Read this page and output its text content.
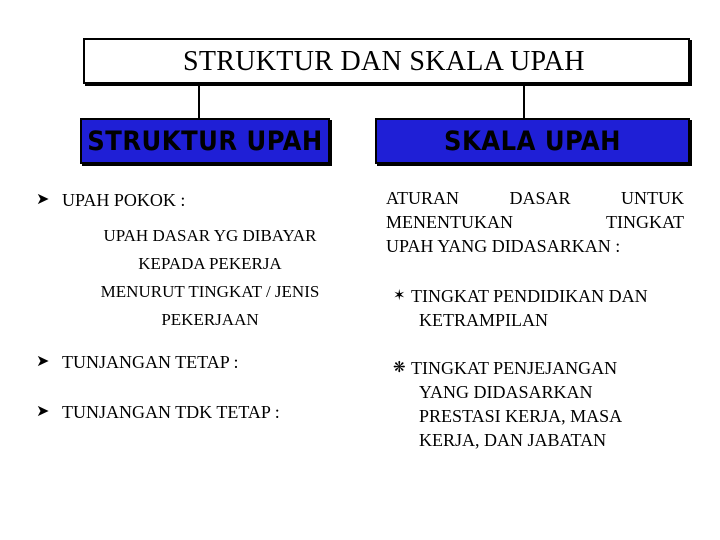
STRUKTUR DAN SKALA UPAH
STRUKTUR UPAH	SKALA UPAH
➤ UPAH POKOK :
UPAH DASAR YG DIBAYAR
KEPADA PEKERJA
MENURUT TINGKAT / JENIS
PEKERJAAN
➤ TUNJANGAN TETAP :
➤ TUNJANGAN TDK TETAP :
ATURAN	DASAR	UNTUK
MENENTUKAN	TINGKAT
UPAH YANG DIDASARKAN :
✶ TINGKAT PENDIDIKAN DAN
KETRAMPILAN
❋ TINGKAT PENJEJANGAN
YANG DIDASARKAN
PRESTASI KERJA, MASA
KERJA, DAN JABATAN
